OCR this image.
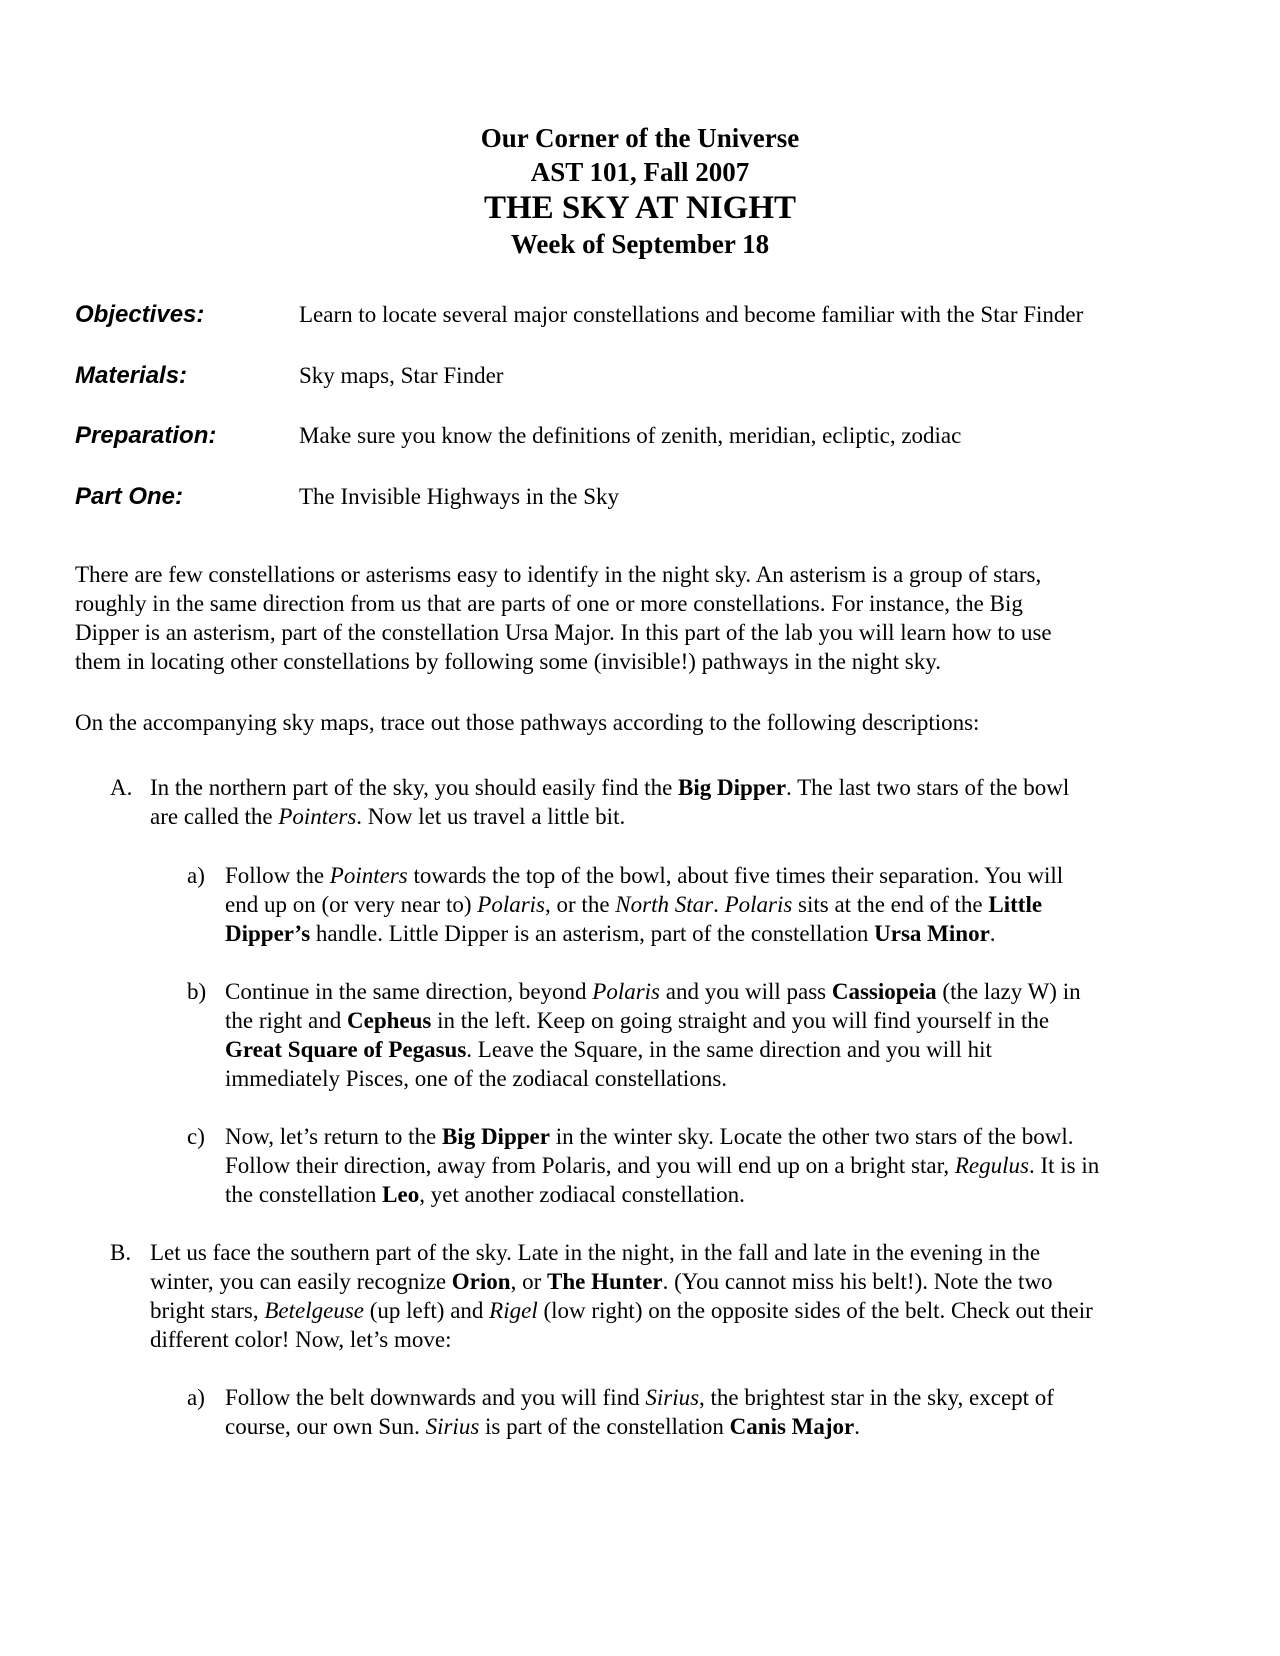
Our Corner of the Universe
AST 101, Fall 2007
THE SKY AT NIGHT
Week of September 18
Objectives:	Learn to locate several major constellations and become familiar with the Star Finder
Materials:	Sky maps, Star Finder
Preparation:	Make sure you know the definitions of zenith, meridian, ecliptic, zodiac
Part One:	The Invisible Highways in the Sky
There are few constellations or asterisms easy to identify in the night sky. An asterism is a group of stars,
roughly in the same direction from us that are parts of one or more constellations. For instance, the Big
Dipper is an asterism, part of the constellation Ursa Major. In this part of the lab you will learn how to use
them in locating other constellations by following some (invisible!) pathways in the night sky.
On the accompanying sky maps, trace out those pathways according to the following descriptions:
A. In the northern part of the sky, you should easily find the Big Dipper. The last two stars of the bowl
are called the Pointers. Now let us travel a little bit.
a) Follow the Pointers towards the top of the bowl, about five times their separation. You will
end up on (or very near to) Polaris, or the North Star. Polaris sits at the end of the Little
Dipper’s handle. Little Dipper is an asterism, part of the constellation Ursa Minor.
b) Continue in the same direction, beyond Polaris and you will pass Cassiopeia (the lazy W) in
the right and Cepheus in the left. Keep on going straight and you will find yourself in the
Great Square of Pegasus. Leave the Square, in the same direction and you will hit
immediately Pisces, one of the zodiacal constellations.
c) Now, let’s return to the Big Dipper in the winter sky. Locate the other two stars of the bowl.
Follow their direction, away from Polaris, and you will end up on a bright star, Regulus. It is in
the constellation Leo, yet another zodiacal constellation.
B. Let us face the southern part of the sky. Late in the night, in the fall and late in the evening in the
winter, you can easily recognize Orion, or The Hunter. (You cannot miss his belt!). Note the two
bright stars, Betelgeuse (up left) and Rigel (low right) on the opposite sides of the belt. Check out their
different color! Now, let’s move:
a) Follow the belt downwards and you will find Sirius, the brightest star in the sky, except of
course, our own Sun. Sirius is part of the constellation Canis Major.
